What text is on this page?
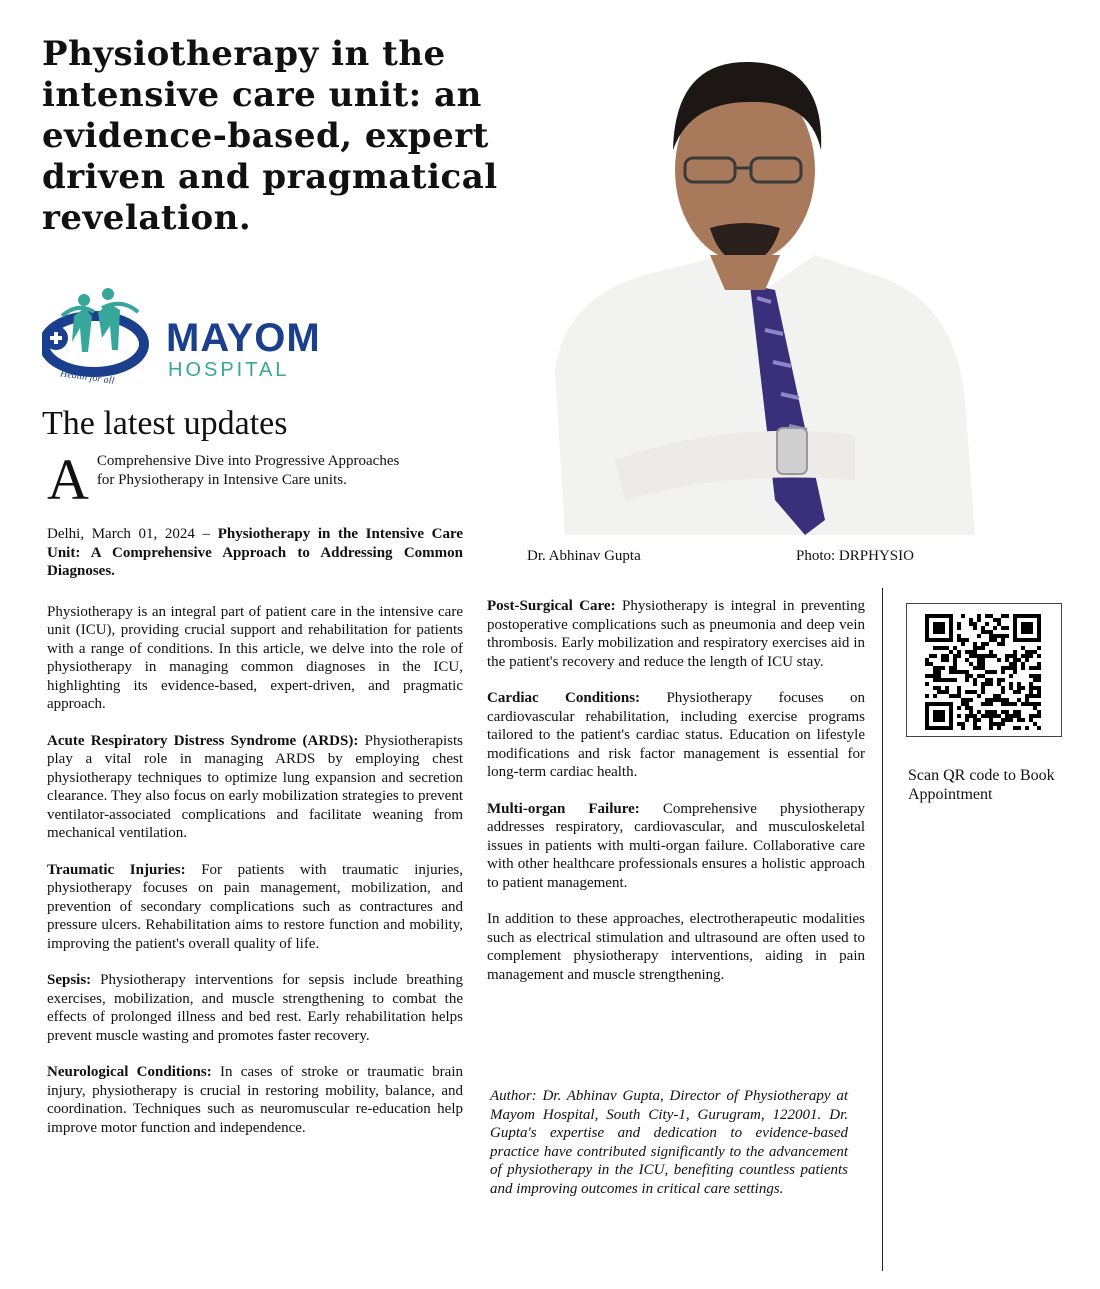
Physiotherapy in the intensive care unit: an evidence-based, expert driven and pragmatical revelation.
MAYOM
HOSPITAL
Health for all
The latest updates
A Comprehensive Dive into Progressive Approaches for Physiotherapy in Intensive Care units.

Delhi, March 01, 2024 – Physiotherapy in the Intensive Care Unit: A Comprehensive Approach to Addressing Common Diagnoses.

Physiotherapy is an integral part of patient care in the intensive care unit (ICU), providing crucial support and rehabilitation for patients with a range of conditions. In this article, we delve into the role of physiotherapy in managing common diagnoses in the ICU, highlighting its evidence-based, expert-driven, and pragmatic approach.

Acute Respiratory Distress Syndrome (ARDS): Physiotherapists play a vital role in managing ARDS by employing chest physiotherapy techniques to optimize lung expansion and secretion clearance. They also focus on early mobilization strategies to prevent ventilator-associated complications and facilitate weaning from mechanical ventilation.

Traumatic Injuries: For patients with traumatic injuries, physiotherapy focuses on pain management, mobilization, and prevention of secondary complications such as contractures and pressure ulcers. Rehabilitation aims to restore function and mobility, improving the patient's overall quality of life.

Sepsis: Physiotherapy interventions for sepsis include breathing exercises, mobilization, and muscle strengthening to combat the effects of prolonged illness and bed rest. Early rehabilitation helps prevent muscle wasting and promotes faster recovery.

Neurological Conditions: In cases of stroke or traumatic brain injury, physiotherapy is crucial in restoring mobility, balance, and coordination. Techniques such as neuromuscular re-education help improve motor function and independence.

Dr. Abhinav Gupta	Photo: DRPHYSIO

Post-Surgical Care: Physiotherapy is integral in preventing postoperative complications such as pneumonia and deep vein thrombosis. Early mobilization and respiratory exercises aid in the patient's recovery and reduce the length of ICU stay.

Cardiac Conditions: Physiotherapy focuses on cardiovascular rehabilitation, including exercise programs tailored to the patient's cardiac status. Education on lifestyle modifications and risk factor management is essential for long-term cardiac health.

Multi-organ Failure: Comprehensive physiotherapy addresses respiratory, cardiovascular, and musculoskeletal issues in patients with multi-organ failure. Collaborative care with other healthcare professionals ensures a holistic approach to patient management.

In addition to these approaches, electrotherapeutic modalities such as electrical stimulation and ultrasound are often used to complement physiotherapy interventions, aiding in pain management and muscle strengthening.

Author: Dr. Abhinav Gupta, Director of Physiotherapy at Mayom Hospital, South City-1, Gurugram, 122001. Dr. Gupta's expertise and dedication to evidence-based practice have contributed significantly to the advancement of physiotherapy in the ICU, benefiting countless patients and improving outcomes in critical care settings.
Scan QR code to Book Appointment
